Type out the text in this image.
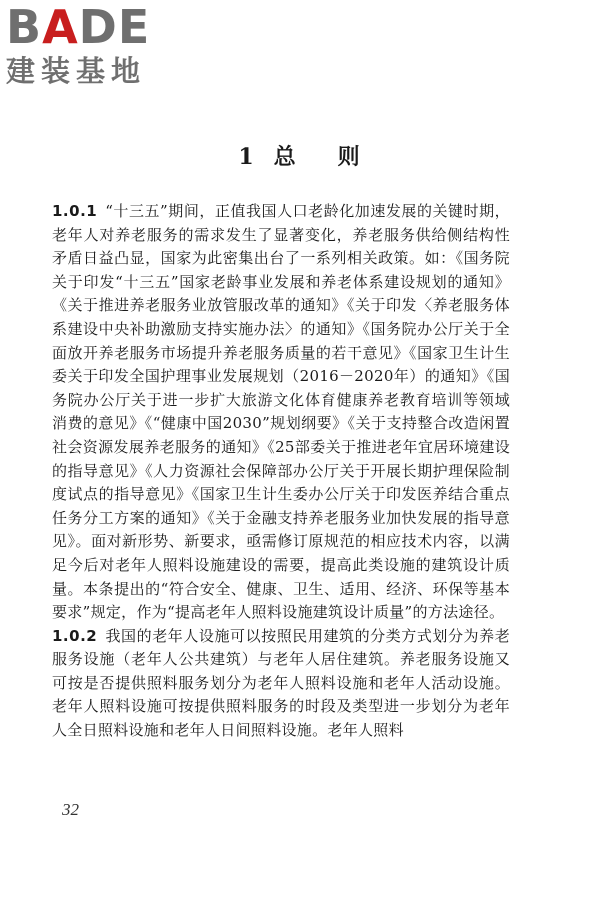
BADE
建装基地
1 总 则

1.0.1 “十三五”期间，正值我国人口老龄化加速发展的关键时期，老年人对养老服务的需求发生了显著变化，养老服务供给侧结构性矛盾日益凸显，国家为此密集出台了一系列相关政策。如：《国务院关于印发“十三五”国家老龄事业发展和养老体系建设规划的通知》《关于推进养老服务业放管服改革的通知》《关于印发〈养老服务体系建设中央补助激励支持实施办法〉的通知》《国务院办公厅关于全面放开养老服务市场提升养老服务质量的若干意见》《国家卫生计生委关于印发全国护理事业发展规划（2016－2020年）的通知》《国务院办公厅关于进一步扩大旅游文化体育健康养老教育培训等领域消费的意见》《“健康中国2030”规划纲要》《关于支持整合改造闲置社会资源发展养老服务的通知》《25部委关于推进老年宜居环境建设的指导意见》《人力资源社会保障部办公厅关于开展长期护理保险制度试点的指导意见》《国家卫生计生委办公厅关于印发医养结合重点任务分工方案的通知》《关于金融支持养老服务业加快发展的指导意见》。面对新形势、新要求，亟需修订原规范的相应技术内容，以满足今后对老年人照料设施建设的需要，提高此类设施的建筑设计质量。本条提出的“符合安全、健康、卫生、适用、经济、环保等基本要求”规定，作为“提高老年人照料设施建筑设计质量”的方法途径。

1.0.2 我国的老年人设施可以按照民用建筑的分类方式划分为养老服务设施（老年人公共建筑）与老年人居住建筑。养老服务设施又可按是否提供照料服务划分为老年人照料设施和老年人活动设施。老年人照料设施可按提供照料服务的时段及类型进一步划分为老年人全日照料设施和老年人日间照料设施。老年人照料

32
